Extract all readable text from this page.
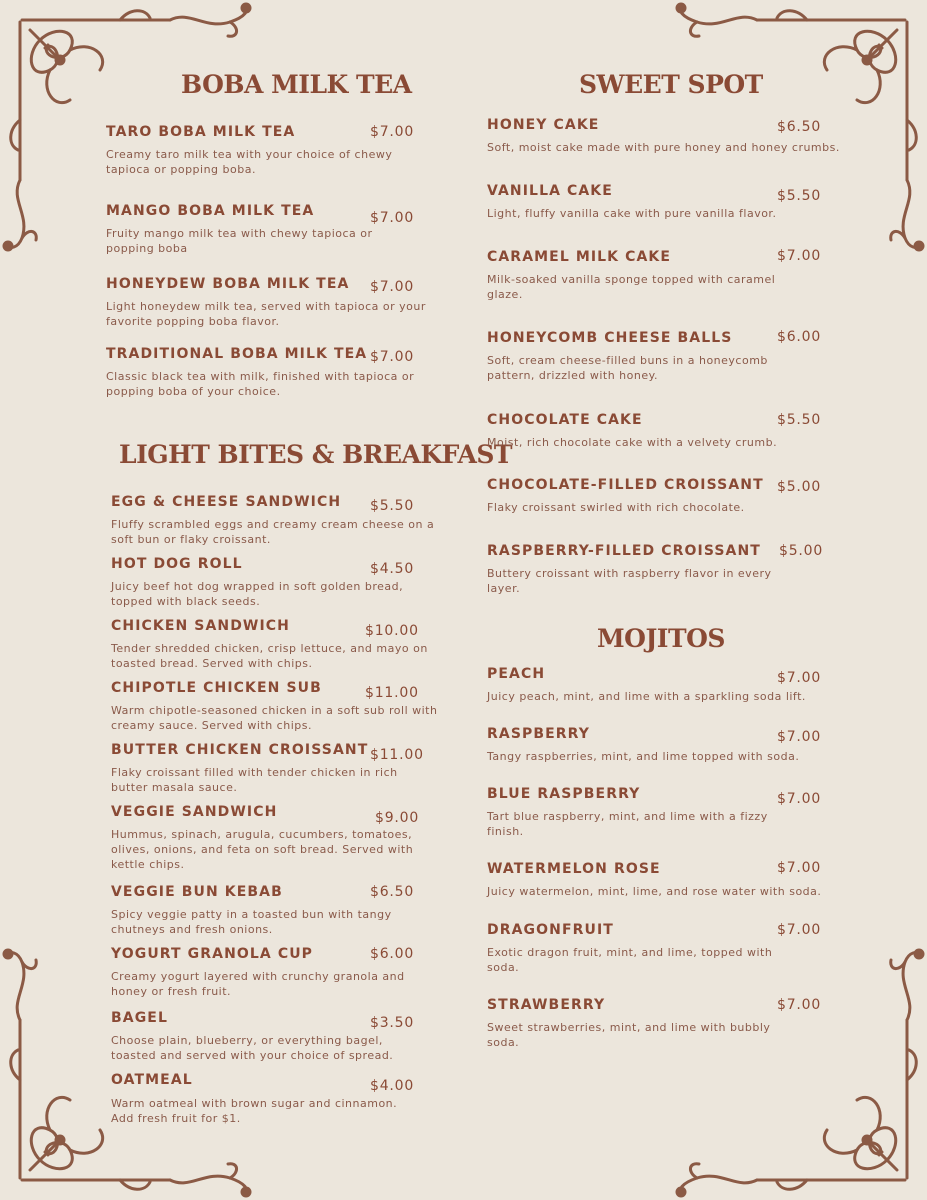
BOBA MILK TEA
TARO BOBA MILK TEA	$7.00
Creamy taro milk tea with your choice of chewy tapioca or popping boba.
MANGO BOBA MILK TEA	$7.00
Fruity mango milk tea with chewy tapioca or popping boba
HONEYDEW BOBA MILK TEA	$7.00
Light honeydew milk tea, served with tapioca or your favorite popping boba flavor.
TRADITIONAL BOBA MILK TEA $7.00
Classic black tea with milk, finished with tapioca or popping boba of your choice.
LIGHT BITES & BREAKFAST
EGG & CHEESE SANDWICH	$5.50
Fluffy scrambled eggs and creamy cream cheese on a soft bun or flaky croissant.
HOT DOG ROLL	$4.50
Juicy beef hot dog wrapped in soft golden bread, topped with black seeds.
CHICKEN SANDWICH	$10.00
Tender shredded chicken, crisp lettuce, and mayo on toasted bread. Served with chips.
CHIPOTLE CHICKEN SUB	$11.00
Warm chipotle-seasoned chicken in a soft sub roll with creamy sauce. Served with chips.
BUTTER CHICKEN CROISSANT $11.00
Flaky croissant filled with tender chicken in rich butter masala sauce.
VEGGIE SANDWICH	$9.00
Hummus, spinach, arugula, cucumbers, tomatoes, olives, onions, and feta on soft bread. Served with kettle chips.
VEGGIE BUN KEBAB	$6.50
Spicy veggie patty in a toasted bun with tangy chutneys and fresh onions.
YOGURT GRANOLA CUP	$6.00
Creamy yogurt layered with crunchy granola and honey or fresh fruit.
BAGEL	$3.50
Choose plain, blueberry, or everything bagel, toasted and served with your choice of spread.
OATMEAL	$4.00
Warm oatmeal with brown sugar and cinnamon. Add fresh fruit for $1.
SWEET SPOT
HONEY CAKE	$6.50
Soft, moist cake made with pure honey and honey crumbs.
VANILLA CAKE	$5.50
Light, fluffy vanilla cake with pure vanilla flavor.
CARAMEL MILK CAKE	$7.00
Milk-soaked vanilla sponge topped with caramel glaze.
HONEYCOMB CHEESE BALLS	$6.00
Soft, cream cheese-filled buns in a honeycomb pattern, drizzled with honey.
CHOCOLATE CAKE	$5.50
Moist, rich chocolate cake with a velvety crumb.
CHOCOLATE-FILLED CROISSANT $5.00
Flaky croissant swirled with rich chocolate.
RASPBERRY-FILLED CROISSANT	$5.00
Buttery croissant with raspberry flavor in every layer.
MOJITOS
PEACH	$7.00
Juicy peach, mint, and lime with a sparkling soda lift.
RASPBERRY	$7.00
Tangy raspberries, mint, and lime topped with soda.
BLUE RASPBERRY	$7.00
Tart blue raspberry, mint, and lime with a fizzy finish.
WATERMELON ROSE	$7.00
Juicy watermelon, mint, lime, and rose water with soda.
DRAGONFRUIT	$7.00
Exotic dragon fruit, mint, and lime, topped with soda.
STRAWBERRY	$7.00
Sweet strawberries, mint, and lime with bubbly soda.
